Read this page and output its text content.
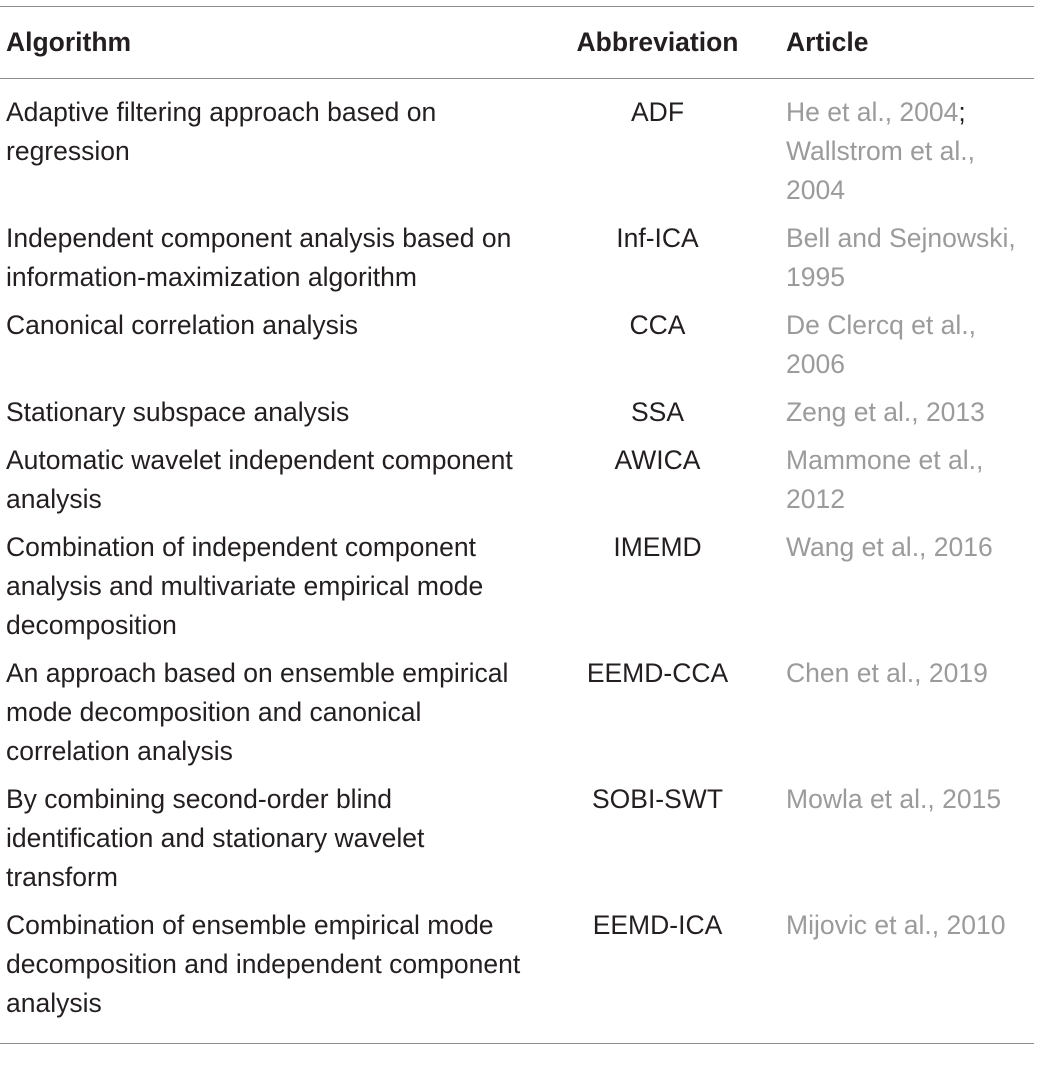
Algorithm	Abbreviation	Article
Adaptive filtering approach based on regression	ADF	He et al., 2004; Wallstrom et al., 2004
Independent component analysis based on information-maximization algorithm	Inf-ICA	Bell and Sejnowski, 1995
Canonical correlation analysis	CCA	De Clercq et al., 2006
Stationary subspace analysis	SSA	Zeng et al., 2013
Automatic wavelet independent component analysis	AWICA	Mammone et al., 2012
Combination of independent component analysis and multivariate empirical mode decomposition	IMEMD	Wang et al., 2016
An approach based on ensemble empirical mode decomposition and canonical correlation analysis	EEMD-CCA	Chen et al., 2019
By combining second-order blind identification and stationary wavelet transform	SOBI-SWT	Mowla et al., 2015
Combination of ensemble empirical mode decomposition and independent component analysis	EEMD-ICA	Mijovic et al., 2010
